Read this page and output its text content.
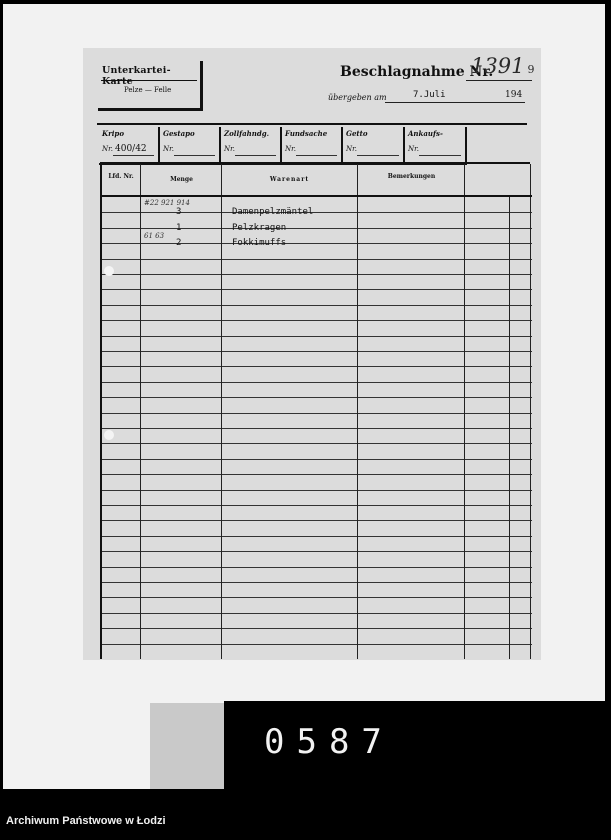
Unterkartei-Karte
Pelze — Felle
Beschlagnahme Nr.
1391 9
übergeben am	7.Juli	194
Kripo
Nr. 400/42
Gestapo
Nr.
Zollfahndg.
Nr.
Fundsache
Nr.
Getto
Nr.
Ankaufs-
Nr.
Lfd. Nr.	Menge	Warenart	Bemerkungen
#22 921 914
3	Damenpelzmäntel
1	Pelzkragen
61 63
2	Fokkimuffs
0587
Archiwum Państwowe w Łodzi
